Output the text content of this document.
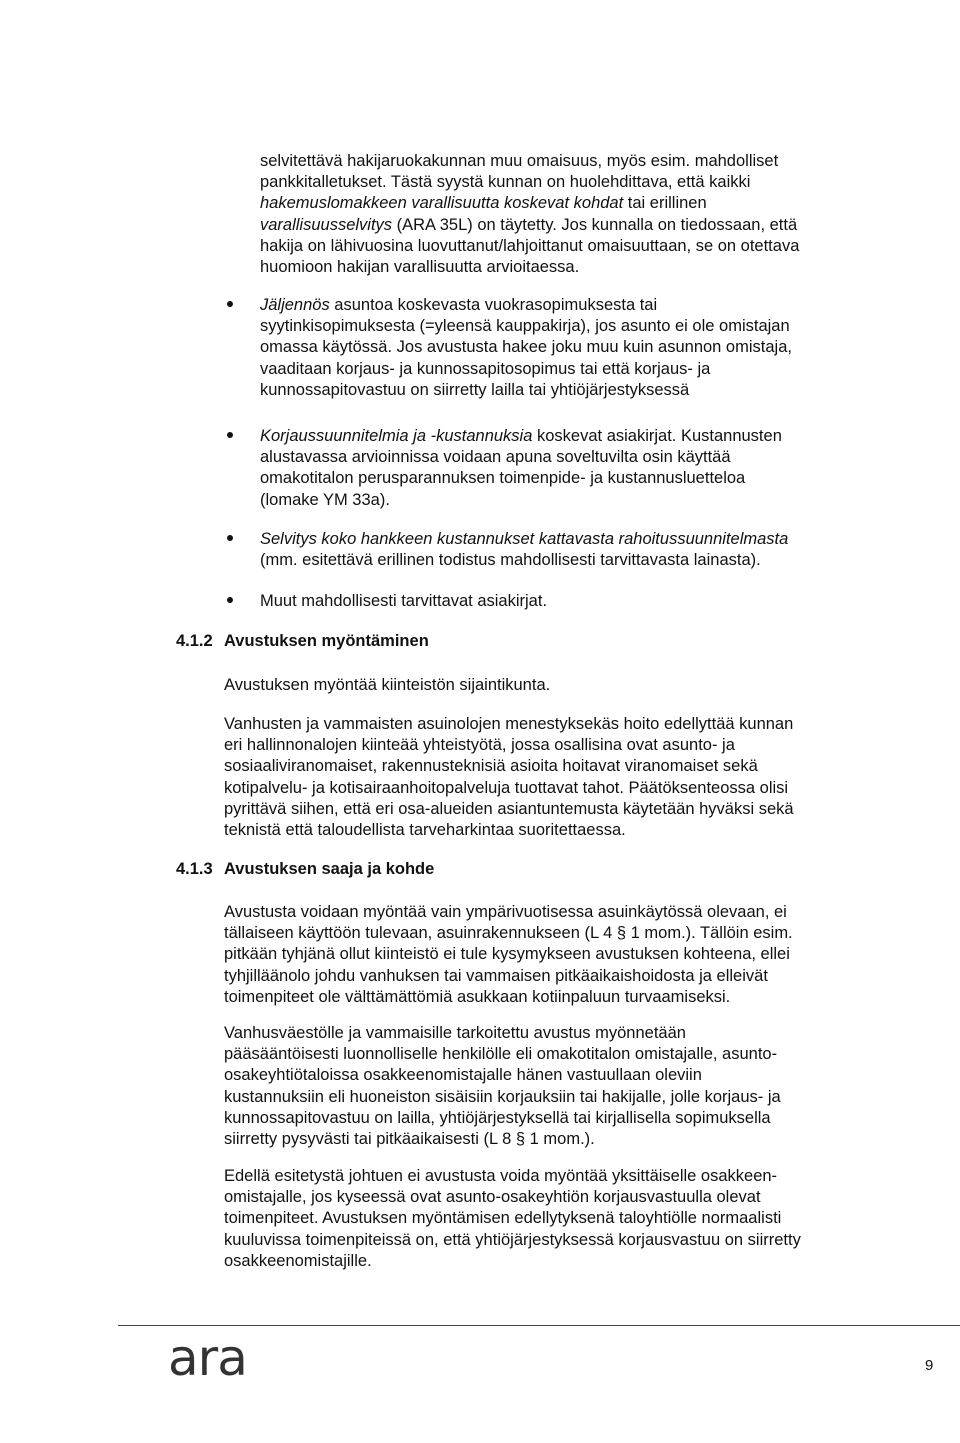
selvitettävä hakijaruokakunnan muu omaisuus, myös esim. mahdolliset
pankkitalletukset. Tästä syystä kunnan on huolehdittava, että kaikki
hakemuslomakkeen varallisuutta koskevat kohdat tai erillinen
varallisuusselvitys (ARA 35L) on täytetty. Jos kunnalla on tiedossaan, että
hakija on lähivuosina luovuttanut/lahjoittanut omaisuuttaan, se on otettava
huomioon hakijan varallisuutta arvioitaessa.

Jäljennös asuntoa koskevasta vuokrasopimuksesta tai
syytinkisopimuksesta (=yleensä kauppakirja), jos asunto ei ole omistajan
omassa käytössä. Jos avustusta hakee joku muu kuin asunnon omistaja,
vaaditaan korjaus- ja kunnossapitosopimus tai että korjaus- ja
kunnossapitovastuu on siirretty lailla tai yhtiöjärjestyksessä

Korjaussuunnitelmia ja -kustannuksia koskevat asiakirjat. Kustannusten
alustavassa arvioinnissa voidaan apuna soveltuvilta osin käyttää
omakotitalon perusparannuksen toimenpide- ja kustannusluetteloa
(lomake YM 33a).

Selvitys koko hankkeen kustannukset kattavasta rahoitussuunnitelmasta
(mm. esitettävä erillinen todistus mahdollisesti tarvittavasta lainasta).

Muut mahdollisesti tarvittavat asiakirjat.

4.1.2 Avustuksen myöntäminen

Avustuksen myöntää kiinteistön sijaintikunta.

Vanhusten ja vammaisten asuinolojen menestyksekäs hoito edellyttää kunnan
eri hallinnonalojen kiinteää yhteistyötä, jossa osallisina ovat asunto- ja
sosiaaliviranomaiset, rakennusteknisiä asioita hoitavat viranomaiset sekä
kotipalvelu- ja kotisairaanhoitopalveluja tuottavat tahot. Päätöksenteossa olisi
pyrittävä siihen, että eri osa-alueiden asiantuntemusta käytetään hyväksi sekä
teknistä että taloudellista tarveharkintaa suoritettaessa.

4.1.3 Avustuksen saaja ja kohde

Avustusta voidaan myöntää vain ympärivuotisessa asuinkäytössä olevaan, ei
tällaiseen käyttöön tulevaan, asuinrakennukseen (L 4 § 1 mom.). Tällöin esim.
pitkään tyhjänä ollut kiinteistö ei tule kysymykseen avustuksen kohteena, ellei
tyhjilläänolo johdu vanhuksen tai vammaisen pitkäaikaishoidosta ja elleivät
toimenpiteet ole välttämättömiä asukkaan kotiinpaluun turvaamiseksi.

Vanhusväestölle ja vammaisille tarkoitettu avustus myönnetään
pääsääntöisesti luonnolliselle henkilölle eli omakotitalon omistajalle, asunto-
osakeyhtiötaloissa osakkeenomistajalle hänen vastuullaan oleviin
kustannuksiin eli huoneiston sisäisiin korjauksiin tai hakijalle, jolle korjaus- ja
kunnossapitovastuu on lailla, yhtiöjärjestyksellä tai kirjallisella sopimuksella
siirretty pysyvästi tai pitkäaikaisesti (L 8 § 1 mom.).

Edellä esitetystä johtuen ei avustusta voida myöntää yksittäiselle osakkeen-
omistajalle, jos kyseessä ovat asunto-osakeyhtiön korjausvastuulla olevat
toimenpiteet. Avustuksen myöntämisen edellytyksenä taloyhtiölle normaalisti
kuuluvissa toimenpiteissä on, että yhtiöjärjestyksessä korjausvastuu on siirretty
osakkeenomistajille.

ara	9
